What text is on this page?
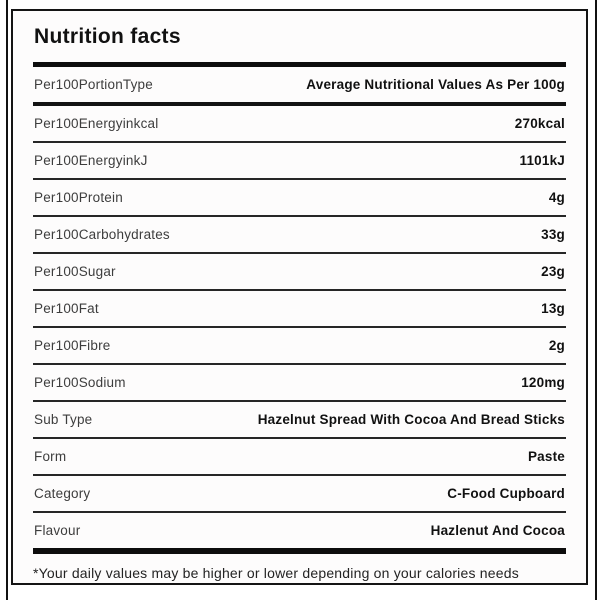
Nutrition facts
Per100PortionType	Average Nutritional Values As Per 100g
Per100Energyinkcal	270kcal
Per100EnergyinkJ	1101kJ
Per100Protein	4g
Per100Carbohydrates	33g
Per100Sugar	23g
Per100Fat	13g
Per100Fibre	2g
Per100Sodium	120mg
Sub Type	Hazelnut Spread With Cocoa And Bread Sticks
Form	Paste
Category	C-Food Cupboard
Flavour	Hazlenut And Cocoa
*Your daily values may be higher or lower depending on your calories needs
